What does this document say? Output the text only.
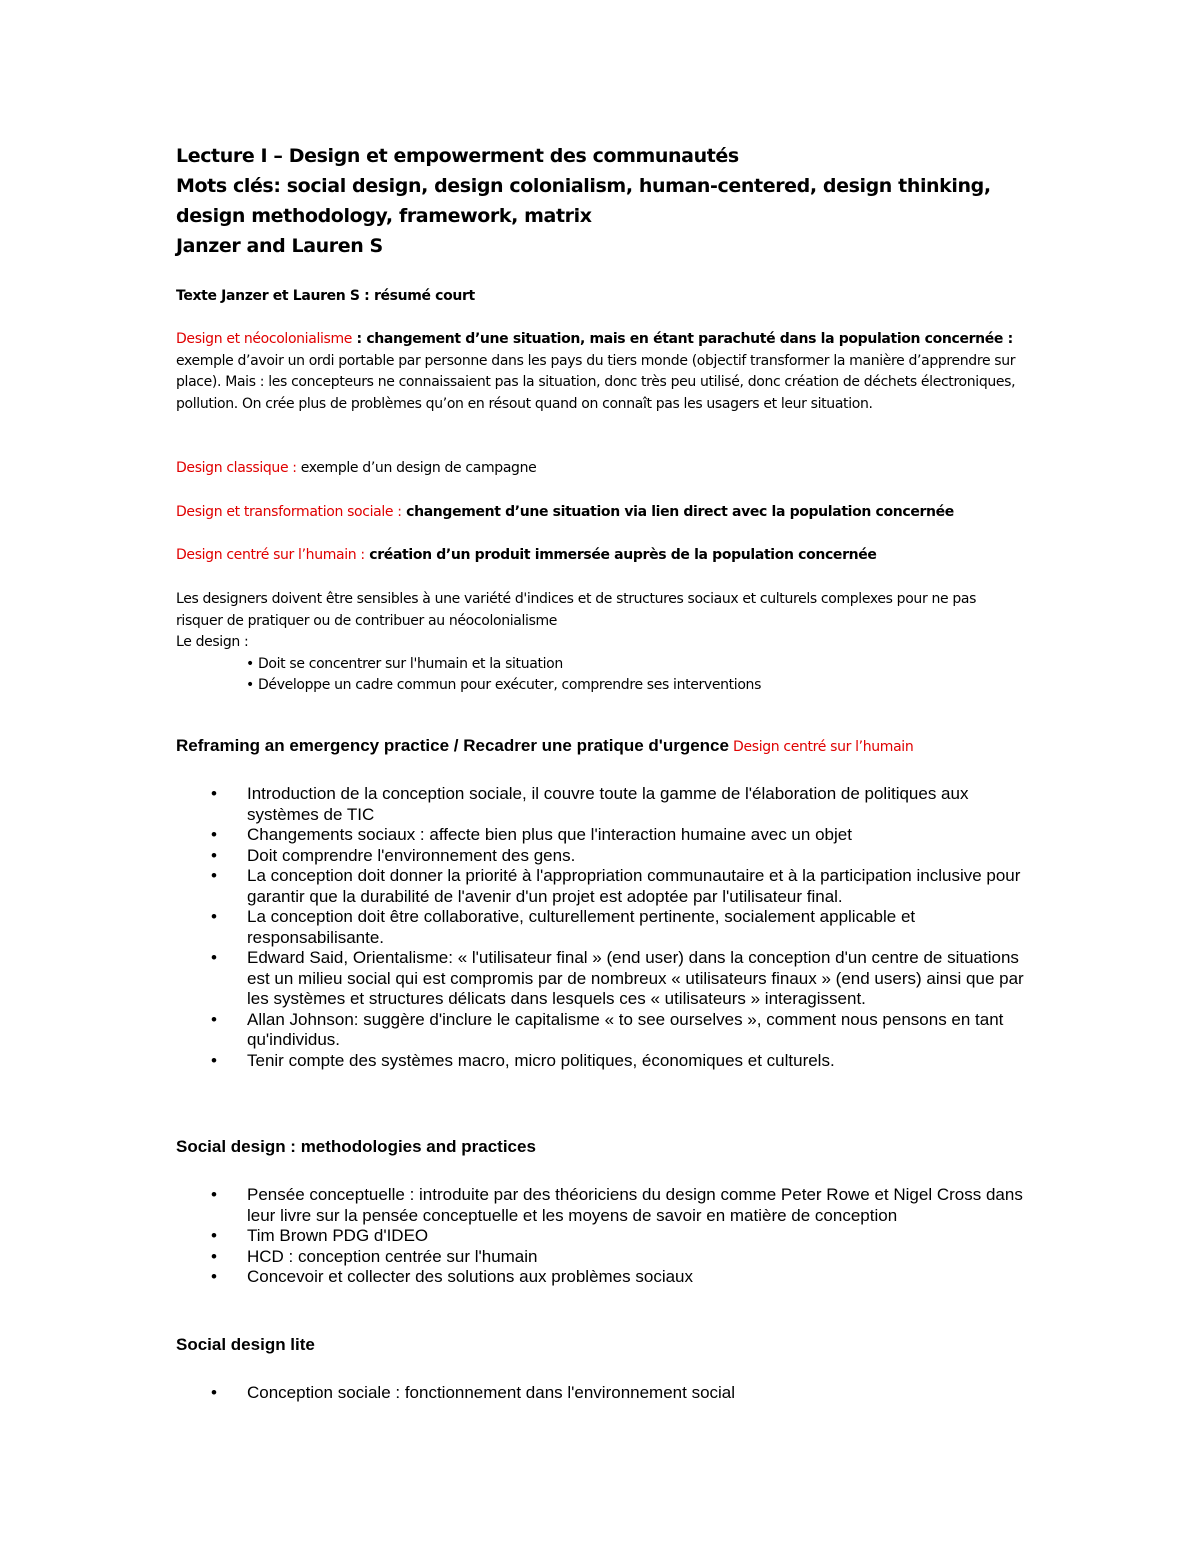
Lecture I – Design et empowerment des communautés
Mots clés: social design, design colonialism, human-centered, design thinking, design methodology, framework, matrix
Janzer and Lauren S
Texte Janzer et Lauren S : résumé court
Design et néocolonialisme : changement d’une situation, mais en étant parachuté dans la population concernée : exemple d’avoir un ordi portable par personne dans les pays du tiers monde (objectif transformer la manière d’apprendre sur place). Mais : les concepteurs ne connaissaient pas la situation, donc très peu utilisé, donc création de déchets électroniques, pollution. On crée plus de problèmes qu’on en résout quand on connaît pas les usagers et leur situation.
Design classique : exemple d’un design de campagne
Design et transformation sociale : changement d’une situation via lien direct avec la population concernée
Design centré sur l’humain : création d’un produit immersée auprès de la population concernée
Les designers doivent être sensibles à une variété d'indices et de structures sociaux et culturels complexes pour ne pas risquer de pratiquer ou de contribuer au néocolonialisme
Le design :
• Doit se concentrer sur l'humain et la situation
• Développe un cadre commun pour exécuter, comprendre ses interventions
Reframing an emergency practice / Recadrer une pratique d'urgence Design centré sur l’humain
• Introduction de la conception sociale, il couvre toute la gamme de l'élaboration de politiques aux systèmes de TIC
• Changements sociaux : affecte bien plus que l'interaction humaine avec un objet
• Doit comprendre l'environnement des gens.
• La conception doit donner la priorité à l'appropriation communautaire et à la participation inclusive pour garantir que la durabilité de l'avenir d'un projet est adoptée par l'utilisateur final.
• La conception doit être collaborative, culturellement pertinente, socialement applicable et responsabilisante.
• Edward Said, Orientalisme: « l'utilisateur final » (end user) dans la conception d'un centre de situations est un milieu social qui est compromis par de nombreux « utilisateurs finaux » (end users) ainsi que par les systèmes et structures délicats dans lesquels ces « utilisateurs » interagissent.
• Allan Johnson: suggère d'inclure le capitalisme « to see ourselves », comment nous pensons en tant qu'individus.
• Tenir compte des systèmes macro, micro politiques, économiques et culturels.
Social design : methodologies and practices
• Pensée conceptuelle : introduite par des théoriciens du design comme Peter Rowe et Nigel Cross dans leur livre sur la pensée conceptuelle et les moyens de savoir en matière de conception
• Tim Brown PDG d'IDEO
• HCD : conception centrée sur l'humain
• Concevoir et collecter des solutions aux problèmes sociaux
Social design lite
• Conception sociale : fonctionnement dans l'environnement social
